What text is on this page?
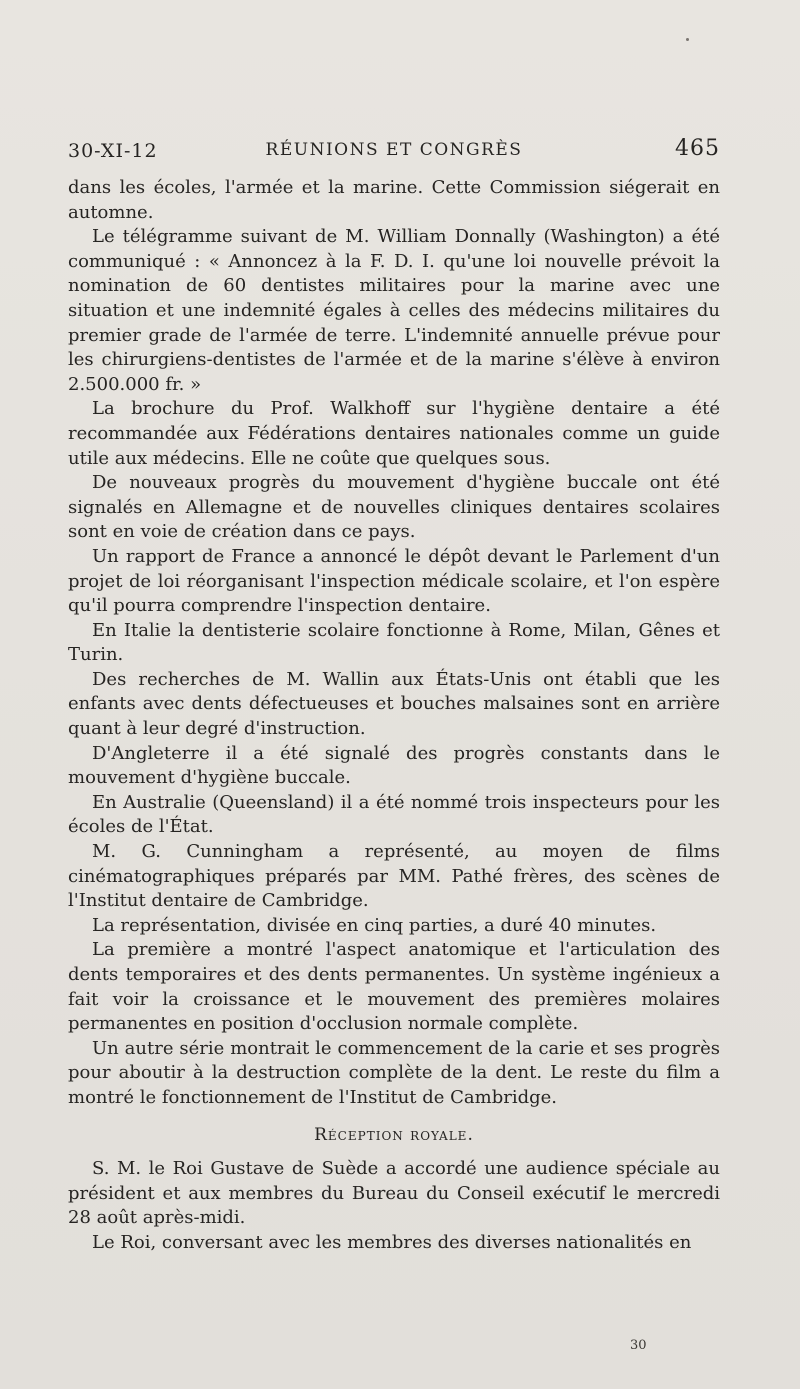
30-XI-12	RÉUNIONS ET CONGRÈS	465

dans les écoles, l'armée et la marine. Cette Commission siégerait en automne.

Le télégramme suivant de M. William Donnally (Washington) a été communiqué : « Annoncez à la F. D. I. qu'une loi nouvelle prévoit la nomination de 60 dentistes militaires pour la marine avec une situation et une indemnité égales à celles des médecins militaires du premier grade de l'armée de terre. L'indemnité annuelle prévue pour les chirurgiens-dentistes de l'armée et de la marine s'élève à environ 2.500.000 fr. »

La brochure du Prof. Walkhoff sur l'hygiène dentaire a été recommandée aux Fédérations dentaires nationales comme un guide utile aux médecins. Elle ne coûte que quelques sous.

De nouveaux progrès du mouvement d'hygiène buccale ont été signalés en Allemagne et de nouvelles cliniques dentaires scolaires sont en voie de création dans ce pays.

Un rapport de France a annoncé le dépôt devant le Parlement d'un projet de loi réorganisant l'inspection médicale scolaire, et l'on espère qu'il pourra comprendre l'inspection dentaire.

En Italie la dentisterie scolaire fonctionne à Rome, Milan, Gênes et Turin.

Des recherches de M. Wallin aux États-Unis ont établi que les enfants avec dents défectueuses et bouches malsaines sont en arrière quant à leur degré d'instruction.

D'Angleterre il a été signalé des progrès constants dans le mouvement d'hygiène buccale.

En Australie (Queensland) il a été nommé trois inspecteurs pour les écoles de l'État.

M. G. Cunningham a représenté, au moyen de films cinématographiques préparés par MM. Pathé frères, des scènes de l'Institut dentaire de Cambridge.

La représentation, divisée en cinq parties, a duré 40 minutes.

La première a montré l'aspect anatomique et l'articulation des dents temporaires et des dents permanentes. Un système ingénieux a fait voir la croissance et le mouvement des premières molaires permanentes en position d'occlusion normale complète.

Un autre série montrait le commencement de la carie et ses progrès pour aboutir à la destruction complète de la dent. Le reste du film a montré le fonctionnement de l'Institut de Cambridge.

Réception royale.

S. M. le Roi Gustave de Suède a accordé une audience spéciale au président et aux membres du Bureau du Conseil exécutif le mercredi 28 août après-midi.

Le Roi, conversant avec les membres des diverses nationalités en

30
